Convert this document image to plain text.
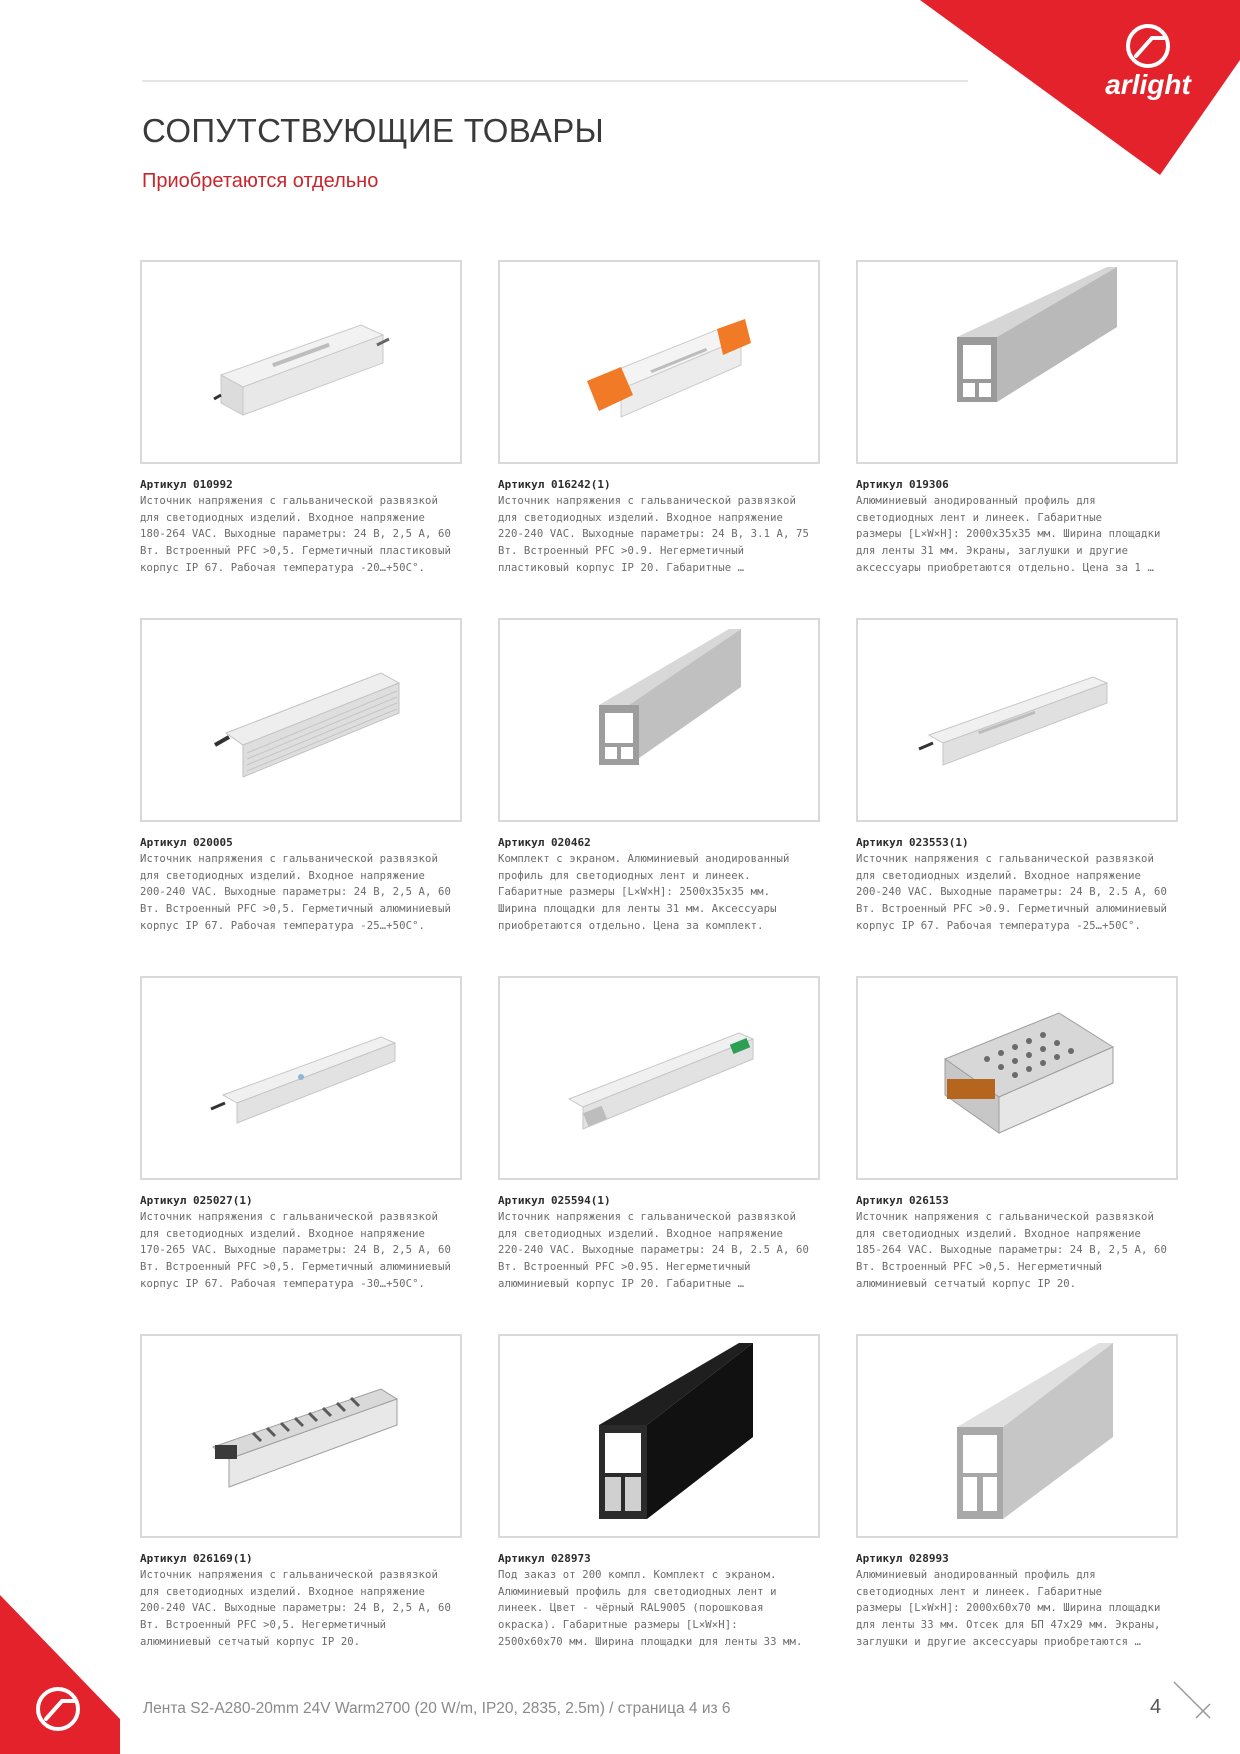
arlight
СОПУТСТВУЮЩИЕ ТОВАРЫ

Приобретаются отдельно

Артикул 010992
Источник напряжения с гальванической развязкой
для светодиодных изделий. Входное напряжение
180-264 VAC. Выходные параметры: 24 В, 2,5 А, 60
Вт. Встроенный PFC >0,5. Герметичный пластиковый
корпус IP 67. Рабочая температура -20…+50С°.
Артикул 016242(1)
Источник напряжения с гальванической развязкой
для светодиодных изделий. Входное напряжение
220-240 VAC. Выходные параметры: 24 В, 3.1 А, 75
Вт. Встроенный PFC >0.9. Негерметичный
пластиковый корпус IP 20. Габаритные …
Артикул 019306
Алюминиевый анодированный профиль для
светодиодных лент и линеек. Габаритные
размеры [L×W×H]: 2000х35х35 мм. Ширина площадки
для ленты 31 мм. Экраны, заглушки и другие
аксессуары приобретаются отдельно. Цена за 1 …
Артикул 020005
Источник напряжения с гальванической развязкой
для светодиодных изделий. Входное напряжение
200-240 VAC. Выходные параметры: 24 В, 2,5 А, 60
Вт. Встроенный PFC >0,5. Герметичный алюминиевый
корпус IP 67. Рабочая температура -25…+50С°.
Артикул 020462
Комплект с экраном. Алюминиевый анодированный
профиль для светодиодных лент и линеек.
Габаритные размеры [L×W×H]: 2500х35х35 мм.
Ширина площадки для ленты 31 мм. Аксессуары
приобретаются отдельно. Цена за комплект.
Артикул 023553(1)
Источник напряжения с гальванической развязкой
для светодиодных изделий. Входное напряжение
200-240 VAC. Выходные параметры: 24 В, 2.5 А, 60
Вт. Встроенный PFC >0.9. Герметичный алюминиевый
корпус IP 67. Рабочая температура -25…+50С°.
Артикул 025027(1)
Источник напряжения с гальванической развязкой
для светодиодных изделий. Входное напряжение
170-265 VAC. Выходные параметры: 24 В, 2,5 А, 60
Вт. Встроенный PFC >0,5. Герметичный алюминиевый
корпус IP 67. Рабочая температура -30…+50С°.
Артикул 025594(1)
Источник напряжения с гальванической развязкой
для светодиодных изделий. Входное напряжение
220-240 VAC. Выходные параметры: 24 В, 2.5 А, 60
Вт. Встроенный PFC >0.95. Негерметичный
алюминиевый корпус IP 20. Габаритные …
Артикул 026153
Источник напряжения с гальванической развязкой
для светодиодных изделий. Входное напряжение
185-264 VAC. Выходные параметры: 24 В, 2,5 А, 60
Вт. Встроенный PFC >0,5. Негерметичный
алюминиевый сетчатый корпус IP 20.
Артикул 026169(1)
Источник напряжения с гальванической развязкой
для светодиодных изделий. Входное напряжение
200-240 VAC. Выходные параметры: 24 В, 2,5 А, 60
Вт. Встроенный PFC >0,5. Негерметичный
алюминиевый сетчатый корпус IP 20.
Артикул 028973
Под заказ от 200 компл. Комплект с экраном.
Алюминиевый профиль для светодиодных лент и
линеек. Цвет - чёрный RAL9005 (порошковая
окраска). Габаритные размеры [L×W×H]:
2500х60х70 мм. Ширина площадки для ленты 33 мм.
Артикул 028993
Алюминиевый анодированный профиль для
светодиодных лент и линеек. Габаритные
размеры [L×W×H]: 2000х60х70 мм. Ширина площадки
для ленты 33 мм. Отсек для БП 47х29 мм. Экраны,
заглушки и другие аксессуары приобретаются …
Лента S2-A280-20mm 24V Warm2700 (20 W/m, IP20, 2835, 2.5m) / страница 4 из 6	4
